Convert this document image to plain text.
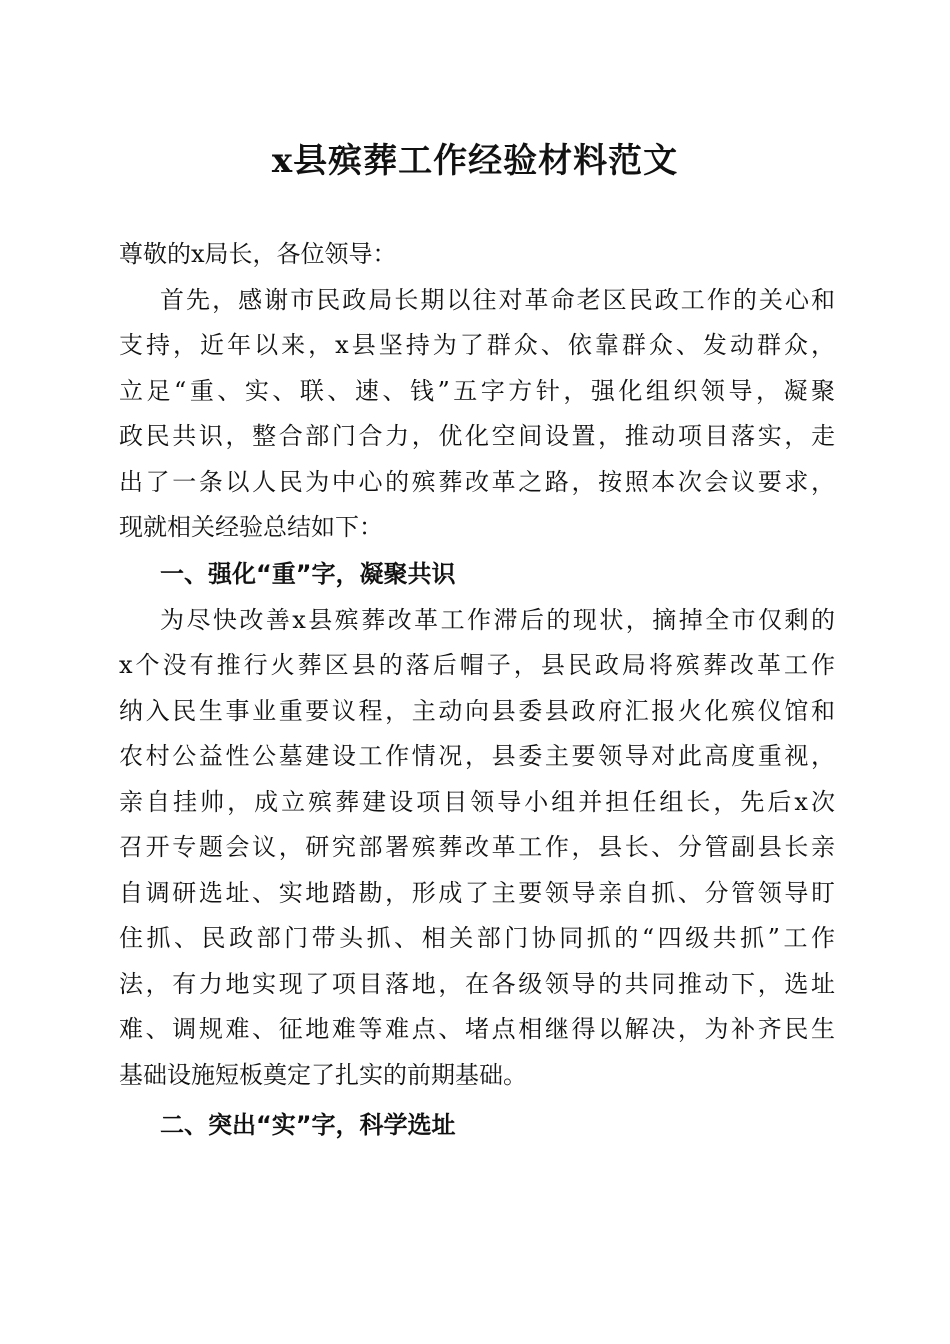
x县殡葬工作经验材料范文
尊敬的x局长，各位领导：
首先，感谢市民政局长期以往对革命老区民政工作的关心和
支持，近年以来，x县坚持为了群众、依靠群众、发动群众，
立足“重、实、联、速、钱”五字方针，强化组织领导，凝聚
政民共识，整合部门合力，优化空间设置，推动项目落实，走
出了一条以人民为中心的殡葬改革之路，按照本次会议要求，
现就相关经验总结如下：
一、强化“重”字，凝聚共识
为尽快改善x县殡葬改革工作滞后的现状，摘掉全市仅剩的
x个没有推行火葬区县的落后帽子，县民政局将殡葬改革工作
纳入民生事业重要议程，主动向县委县政府汇报火化殡仪馆和
农村公益性公墓建设工作情况，县委主要领导对此高度重视，
亲自挂帅，成立殡葬建设项目领导小组并担任组长，先后x次
召开专题会议，研究部署殡葬改革工作，县长、分管副县长亲
自调研选址、实地踏勘，形成了主要领导亲自抓、分管领导盯
住抓、民政部门带头抓、相关部门协同抓的“四级共抓”工作
法，有力地实现了项目落地，在各级领导的共同推动下，选址
难、调规难、征地难等难点、堵点相继得以解决，为补齐民生
基础设施短板奠定了扎实的前期基础。
二、突出“实”字，科学选址
